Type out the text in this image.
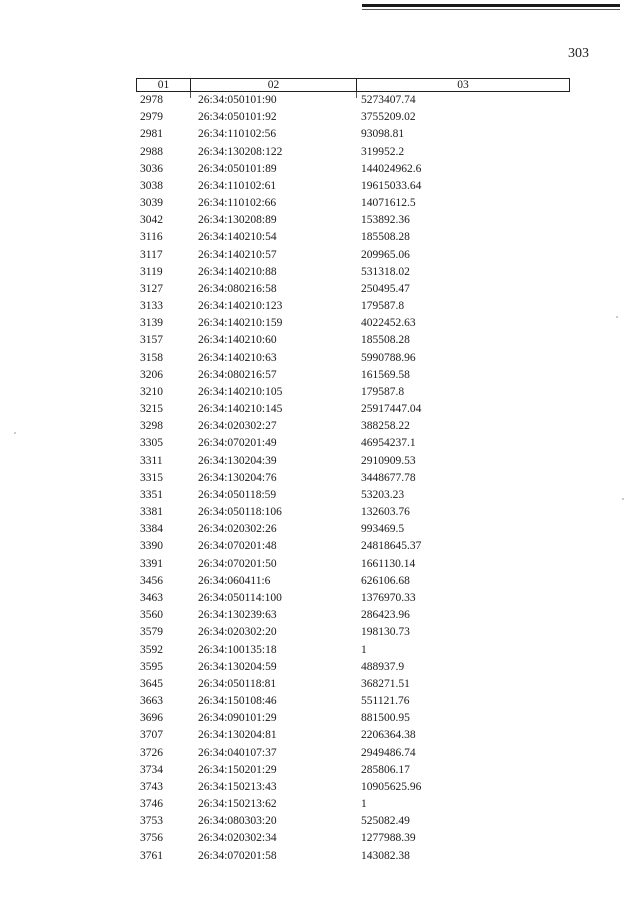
303
01	02	03
2978	26:34:050101:90	5273407.74
2979	26:34:050101:92	3755209.02
2981	26:34:110102:56	93098.81
2988	26:34:130208:122	319952.2
3036	26:34:050101:89	144024962.6
3038	26:34:110102:61	19615033.64
3039	26:34:110102:66	14071612.5
3042	26:34:130208:89	153892.36
3116	26:34:140210:54	185508.28
3117	26:34:140210:57	209965.06
3119	26:34:140210:88	531318.02
3127	26:34:080216:58	250495.47
3133	26:34:140210:123	179587.8
3139	26:34:140210:159	4022452.63
3157	26:34:140210:60	185508.28
3158	26:34:140210:63	5990788.96
3206	26:34:080216:57	161569.58
3210	26:34:140210:105	179587.8
3215	26:34:140210:145	25917447.04
3298	26:34:020302:27	388258.22
3305	26:34:070201:49	46954237.1
3311	26:34:130204:39	2910909.53
3315	26:34:130204:76	3448677.78
3351	26:34:050118:59	53203.23
3381	26:34:050118:106	132603.76
3384	26:34:020302:26	993469.5
3390	26:34:070201:48	24818645.37
3391	26:34:070201:50	1661130.14
3456	26:34:060411:6	626106.68
3463	26:34:050114:100	1376970.33
3560	26:34:130239:63	286423.96
3579	26:34:020302:20	198130.73
3592	26:34:100135:18	1
3595	26:34:130204:59	488937.9
3645	26:34:050118:81	368271.51
3663	26:34:150108:46	551121.76
3696	26:34:090101:29	881500.95
3707	26:34:130204:81	2206364.38
3726	26:34:040107:37	2949486.74
3734	26:34:150201:29	285806.17
3743	26:34:150213:43	10905625.96
3746	26:34:150213:62	1
3753	26:34:080303:20	525082.49
3756	26:34:020302:34	1277988.39
3761	26:34:070201:58	143082.38
